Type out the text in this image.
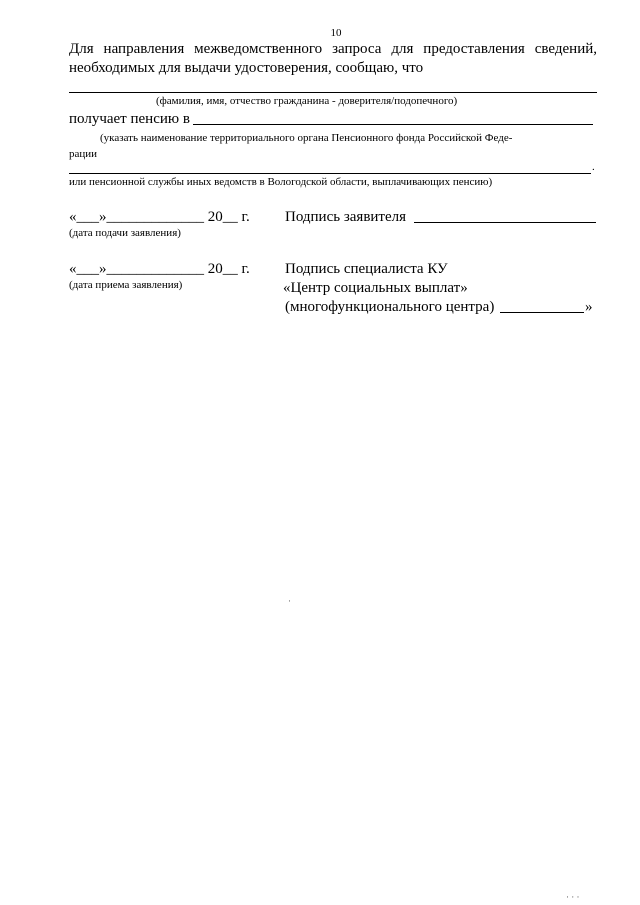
10
Для направления межведомственного запроса для предоставления сведений,
необходимых для выдачи удостоверения, сообщаю, что
(фамилия, имя, отчество гражданина - доверителя/подопечного)
получает пенсию в
(указать наименование территориального органа Пенсионного фонда Российской Феде-
рации
.
или пенсионной службы иных ведомств в Вологодской области, выплачивающих пенсию)
«___»_____________ 20__ г.
(дата подачи заявления)
Подпись заявителя
«___»_____________ 20__ г.
(дата приема заявления)
Подпись специалиста КУ
«Центр социальных выплат»
(многофункционального центра)	»
·
· · ·
